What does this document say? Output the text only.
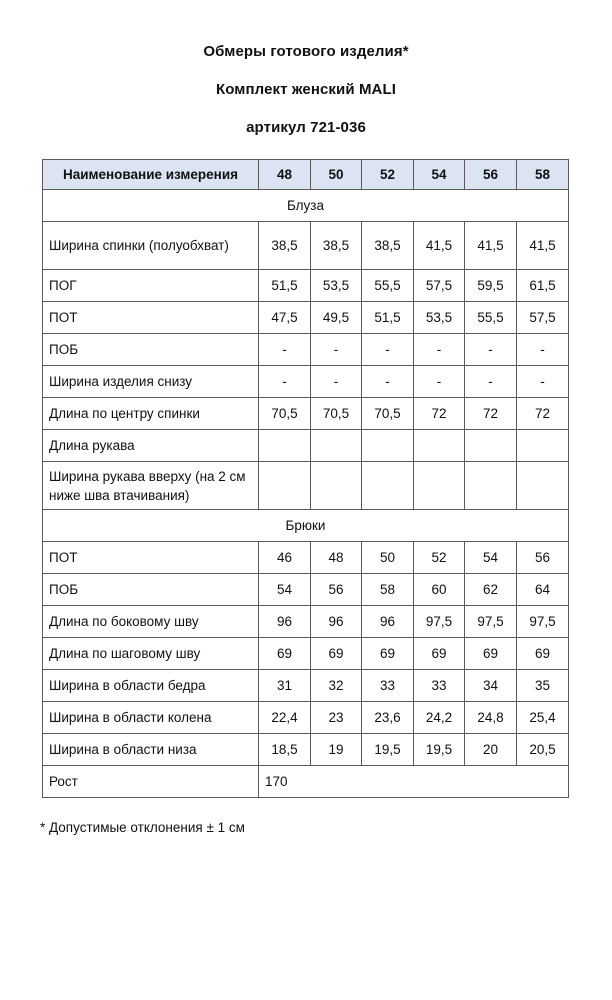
Обмеры готового изделия*
Комплект женский MALI
артикул 721-036
Наименование измерения	48	50	52	54	56	58
Блуза						
Ширина спинки (полуобхват)	38,5	38,5	38,5	41,5	41,5	41,5
ПОГ	51,5	53,5	55,5	57,5	59,5	61,5
ПОТ	47,5	49,5	51,5	53,5	55,5	57,5
ПОБ	-	-	-	-	-	-
Ширина изделия снизу	-	-	-	-	-	-
Длина по центру спинки	70,5	70,5	70,5	72	72	72
Длина рукава						
Ширина рукава вверху (на 2 см ниже шва втачивания)						
Брюки						
ПОТ	46	48	50	52	54	56
ПОБ	54	56	58	60	62	64
Длина по боковому шву	96	96	96	97,5	97,5	97,5
Длина по шаговому шву	69	69	69	69	69	69
Ширина в области бедра	31	32	33	33	34	35
Ширина в области колена	22,4	23	23,6	24,2	24,8	25,4
Ширина в области низа	18,5	19	19,5	19,5	20	20,5
Рост	170					
* Допустимые отклонения ± 1 см
